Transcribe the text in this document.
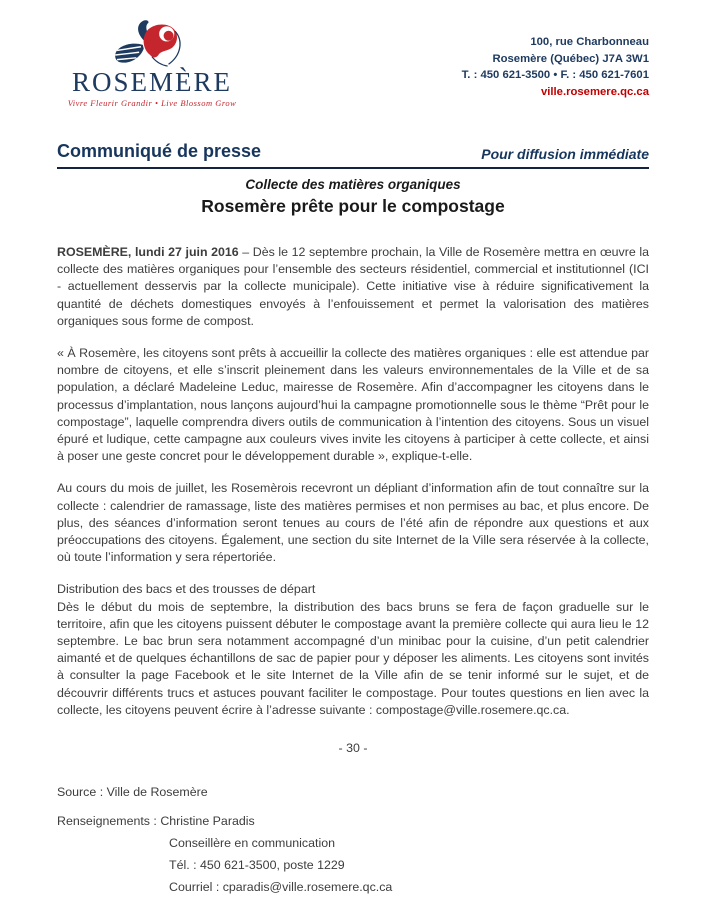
ROSEMÈRE
Vivre Fleurir Grandir • Live Blossom Grow
100, rue Charbonneau
Rosemère (Québec) J7A 3W1
T. : 450 621-3500 • F. : 450 621-7601
ville.rosemere.qc.ca
Communiqué de presse	Pour diffusion immédiate
Collecte des matières organiques
Rosemère prête pour le compostage

ROSEMÈRE, lundi 27 juin 2016 – Dès le 12 septembre prochain, la Ville de Rosemère mettra en œuvre la collecte des matières organiques pour l’ensemble des secteurs résidentiel, commercial et institutionnel (ICI - actuellement desservis par la collecte municipale). Cette initiative vise à réduire significativement la quantité de déchets domestiques envoyés à l’enfouissement et permet la valorisation des matières organiques sous forme de compost.

« À Rosemère, les citoyens sont prêts à accueillir la collecte des matières organiques : elle est attendue par nombre de citoyens, et elle s’inscrit pleinement dans les valeurs environnementales de la Ville et de sa population, a déclaré Madeleine Leduc, mairesse de Rosemère. Afin d’accompagner les citoyens dans le processus d’implantation, nous lançons aujourd’hui la campagne promotionnelle sous le thème “Prêt pour le compostage”, laquelle comprendra divers outils de communication à l’intention des citoyens. Sous un visuel épuré et ludique, cette campagne aux couleurs vives invite les citoyens à participer à cette collecte, et ainsi à poser une geste concret pour le développement durable », explique-t-elle.

Au cours du mois de juillet, les Rosemèrois recevront un dépliant d’information afin de tout connaître sur la collecte : calendrier de ramassage, liste des matières permises et non permises au bac, et plus encore. De plus, des séances d’information seront tenues au cours de l’été afin de répondre aux questions et aux préoccupations des citoyens. Également, une section du site Internet de la Ville sera réservée à la collecte, où toute l’information y sera répertoriée.

Distribution des bacs et des trousses de départ

Dès le début du mois de septembre, la distribution des bacs bruns se fera de façon graduelle sur le territoire, afin que les citoyens puissent débuter le compostage avant la première collecte qui aura lieu le 12 septembre. Le bac brun sera notamment accompagné d’un minibac pour la cuisine, d’un petit calendrier aimanté et de quelques échantillons de sac de papier pour y déposer les aliments. Les citoyens sont invités à consulter la page Facebook et le site Internet de la Ville afin de se tenir informé sur le sujet, et de découvrir différents trucs et astuces pouvant faciliter le compostage. Pour toutes questions en lien avec la collecte, les citoyens peuvent écrire à l’adresse suivante : compostage@ville.rosemere.qc.ca.

- 30 -
Source : Ville de Rosemère
Renseignements : Christine Paradis
Conseillère en communication
Tél. : 450 621-3500, poste 1229
Courriel : cparadis@ville.rosemere.qc.ca
